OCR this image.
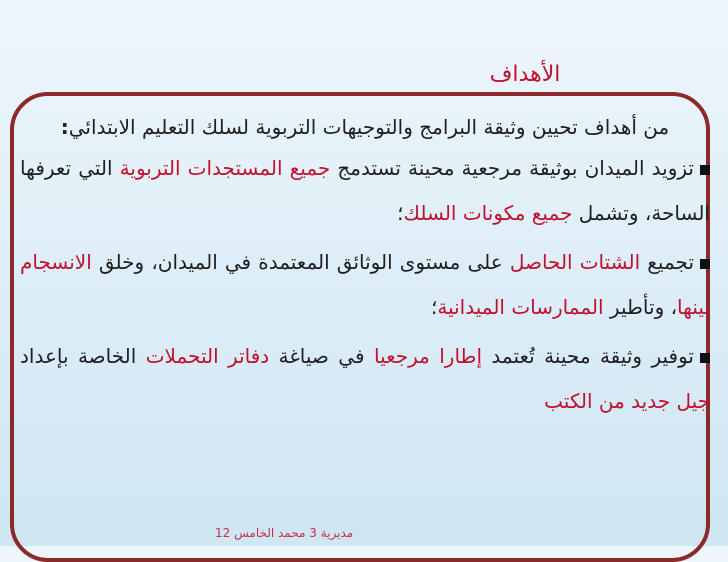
الأهداف
من أهداف تحيين وثيقة البرامج والتوجيهات التربوية لسلك التعليم الابتدائي:
تزويد الميدان بوثيقة مرجعية محينة تستدمج جميع المستجدات التربوية التي تعرفها الساحة، وتشمل جميع مكونات السلك؛
تجميع الشتات الحاصل على مستوى الوثائق المعتمدة في الميدان، وخلق الانسجام بينها، وتأطير الممارسات الميدانية؛
توفير وثيقة محينة تُعتمد إطارا مرجعيا في صياغة دفاتر التحملات الخاصة بإعداد جيل جديد من الكتب
مديرية 3 محمد الخامس 12
